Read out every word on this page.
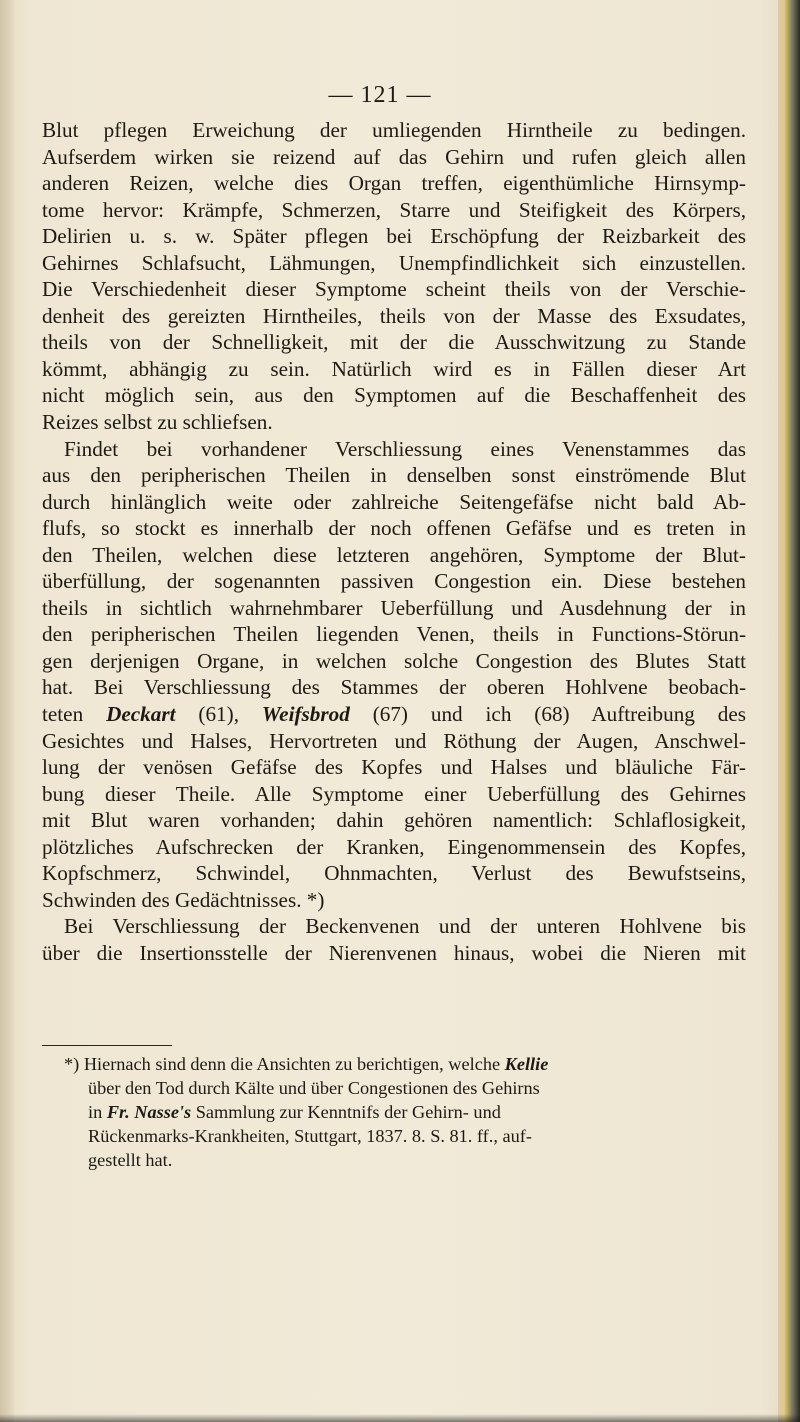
— 121 —
Blut pflegen Erweichung der umliegenden Hirntheile zu bedingen.
Aufserdem wirken sie reizend auf das Gehirn und rufen gleich allen
anderen Reizen, welche dies Organ treffen, eigenthümliche Hirnsymp-
tome hervor: Krämpfe, Schmerzen, Starre und Steifigkeit des Körpers,
Delirien u. s. w. Später pflegen bei Erschöpfung der Reizbarkeit des
Gehirnes Schlafsucht, Lähmungen, Unempfindlichkeit sich einzustellen.
Die Verschiedenheit dieser Symptome scheint theils von der Verschie-
denheit des gereizten Hirntheiles, theils von der Masse des Exsudates,
theils von der Schnelligkeit, mit der die Ausschwitzung zu Stande
kömmt, abhängig zu sein. Natürlich wird es in Fällen dieser Art
nicht möglich sein, aus den Symptomen auf die Beschaffenheit des
Reizes selbst zu schliefsen.
Findet bei vorhandener Verschliessung eines Venenstammes das
aus den peripherischen Theilen in denselben sonst einströmende Blut
durch hinlänglich weite oder zahlreiche Seitengefäfse nicht bald Ab-
flufs, so stockt es innerhalb der noch offenen Gefäfse und es treten in
den Theilen, welchen diese letzteren angehören, Symptome der Blut-
überfüllung, der sogenannten passiven Congestion ein. Diese bestehen
theils in sichtlich wahrnehmbarer Ueberfüllung und Ausdehnung der in
den peripherischen Theilen liegenden Venen, theils in Functions-Störun-
gen derjenigen Organe, in welchen solche Congestion des Blutes Statt
hat. Bei Verschliessung des Stammes der oberen Hohlvene beobach-
teten Deckart (61), Weifsbrod (67) und ich (68) Auftreibung des
Gesichtes und Halses, Hervortreten und Röthung der Augen, Anschwel-
lung der venösen Gefäfse des Kopfes und Halses und bläuliche Fär-
bung dieser Theile. Alle Symptome einer Ueberfüllung des Gehirnes
mit Blut waren vorhanden; dahin gehören namentlich: Schlaflosigkeit,
plötzliches Aufschrecken der Kranken, Eingenommensein des Kopfes,
Kopfschmerz, Schwindel, Ohnmachten, Verlust des Bewufstseins,
Schwinden des Gedächtnisses. *)
Bei Verschliessung der Beckenvenen und der unteren Hohlvene bis
über die Insertionsstelle der Nierenvenen hinaus, wobei die Nieren mit
*) Hiernach sind denn die Ansichten zu berichtigen, welche Kellie
über den Tod durch Kälte und über Congestionen des Gehirns
in Fr. Nasse's Sammlung zur Kenntnifs der Gehirn- und
Rückenmarks-Krankheiten, Stuttgart, 1837. 8. S. 81. ff., auf-
gestellt hat.
